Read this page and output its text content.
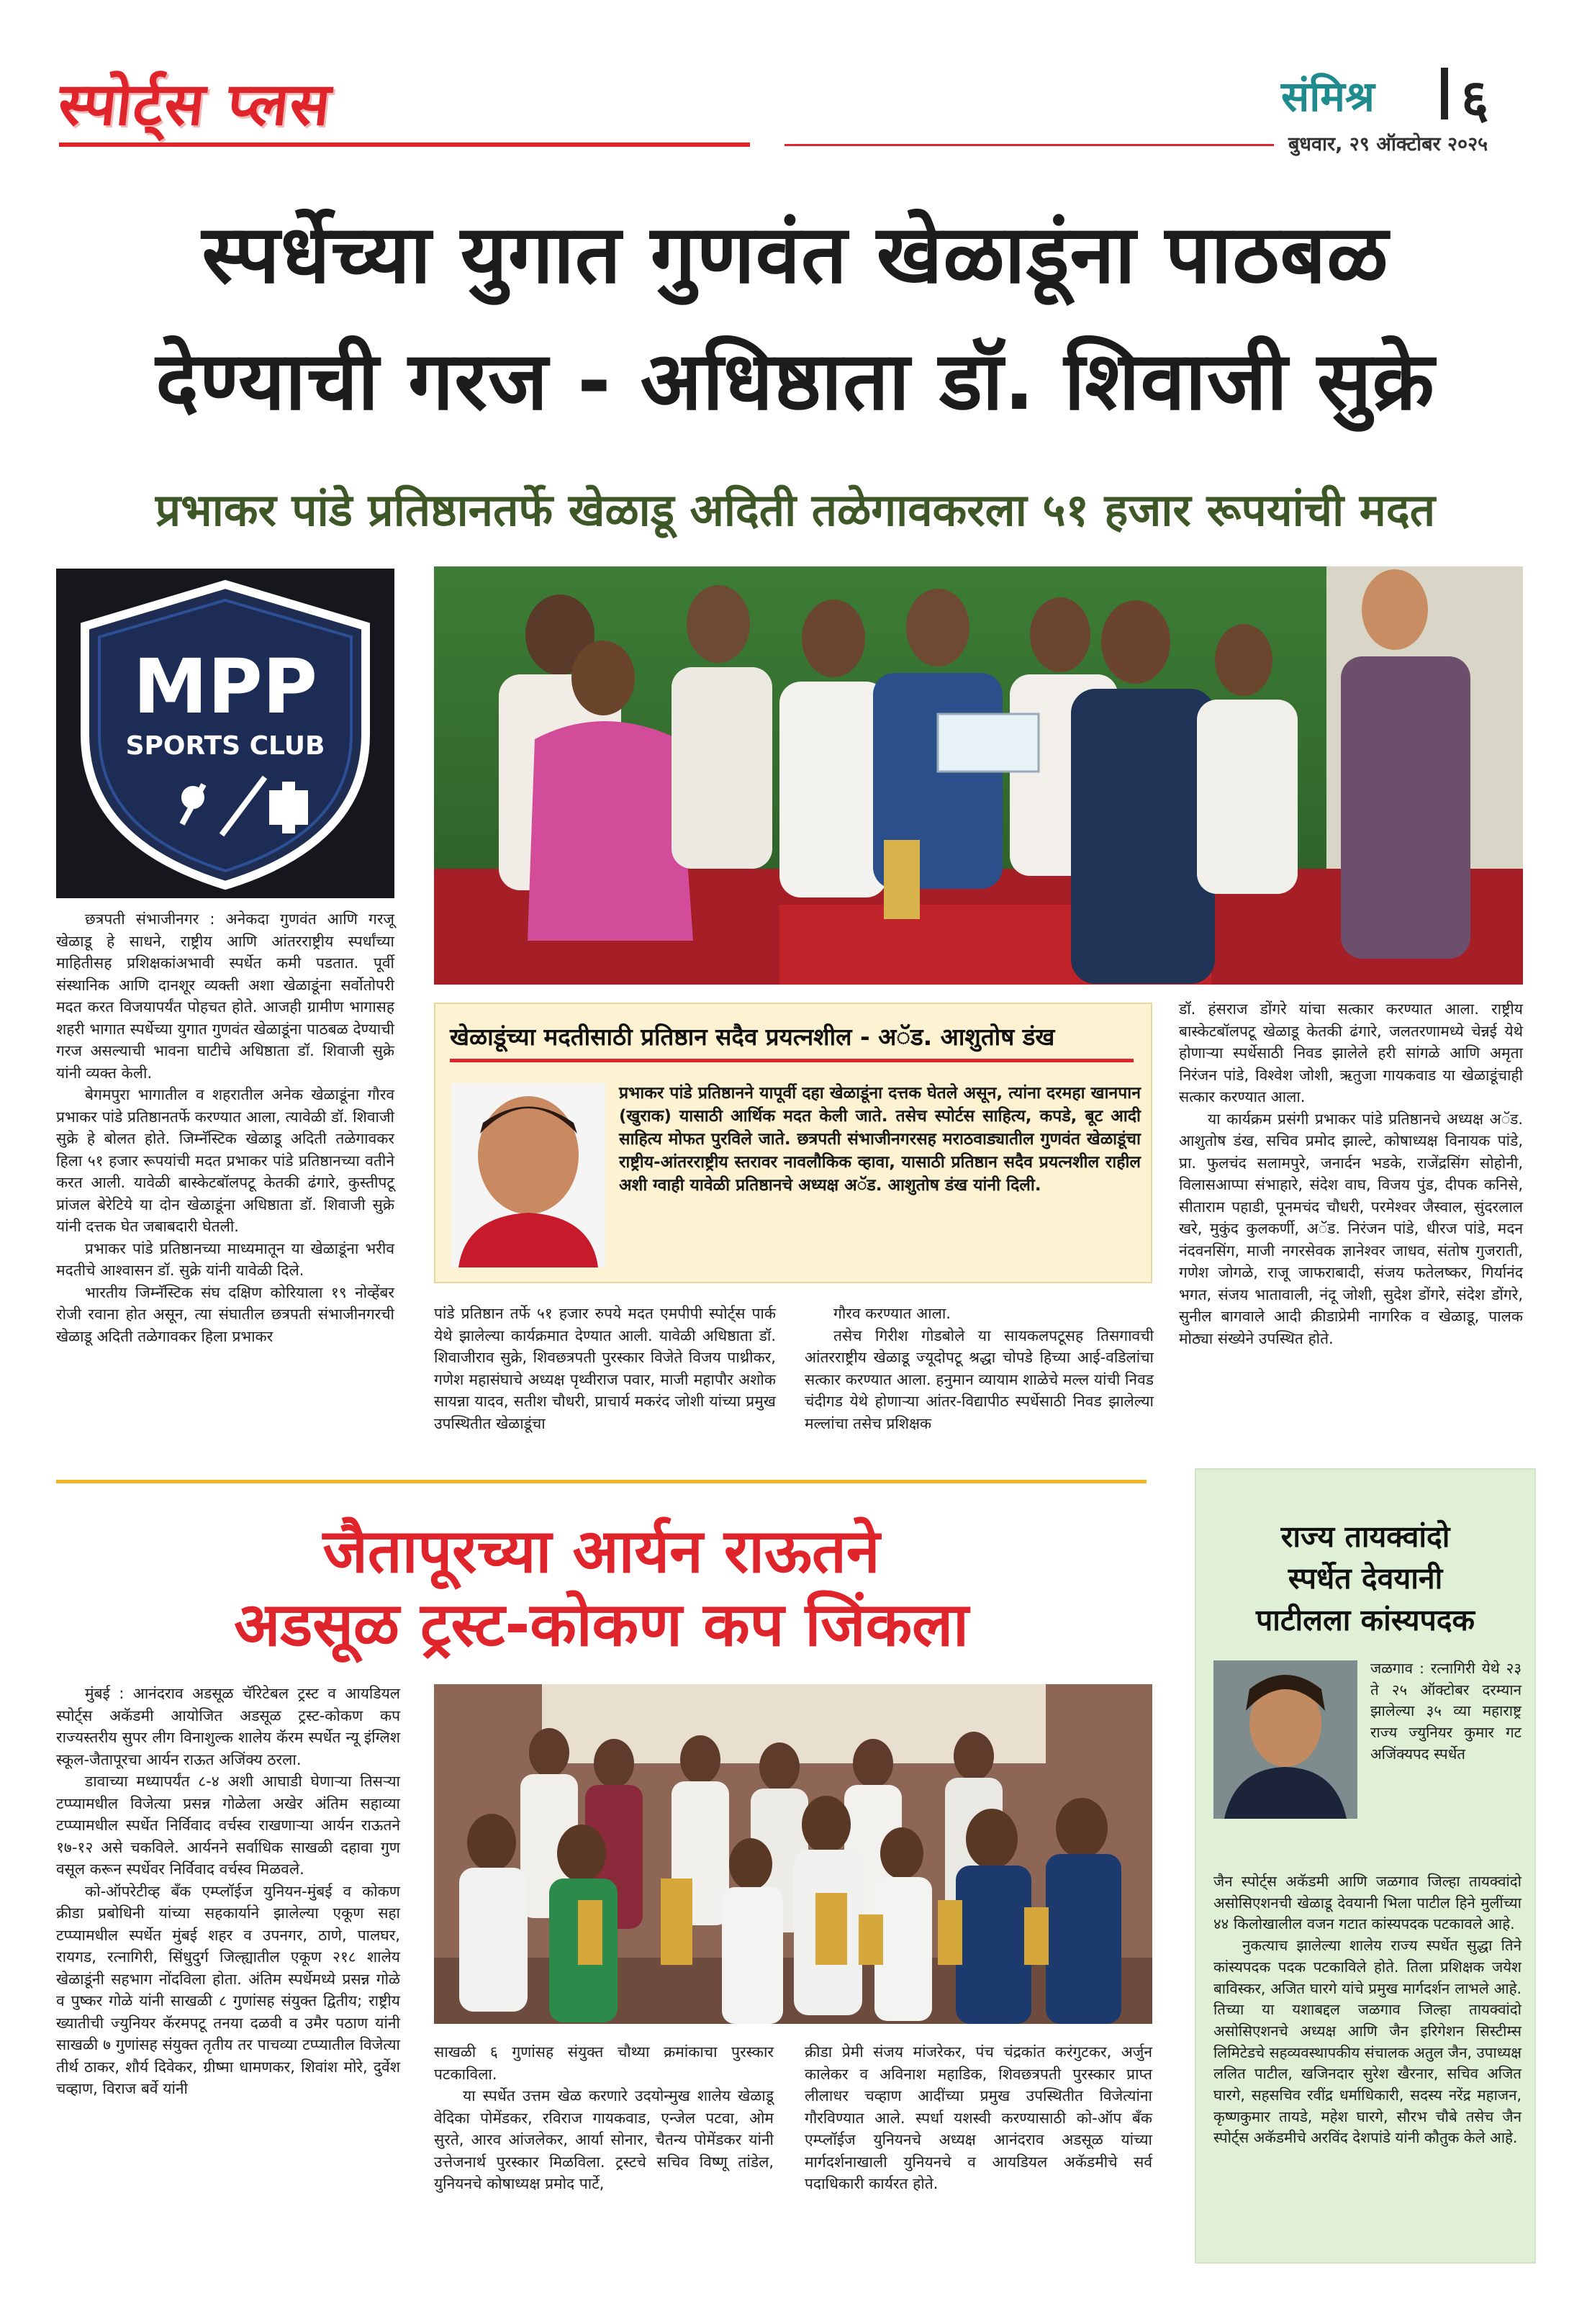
स्पोर्ट्स प्लस	संमिश्र ६
बुधवार, २९ ऑक्टोबर २०२५
स्पर्धेच्या युगात गुणवंत खेळाडूंना पाठबळ
देण्याची गरज - अधिष्ठाता डॉ. शिवाजी सुक्रे
प्रभाकर पांडे प्रतिष्ठानतर्फे खेळाडू अदिती तळेगावकरला ५१ हजार रूपयांची मदत
MPP
SPORTS CLUB
छत्रपती संभाजीनगर : अनेकदा गुणवंत आणि गरजू खेळाडू हे साधने, राष्ट्रीय आणि आंतरराष्ट्रीय स्पर्धांच्या माहितीसह प्रशिक्षकांअभावी स्पर्धेत कमी पडतात. पूर्वी संस्थानिक आणि दानशूर व्यक्ती अशा खेळाडूंना सर्वोतोपरी मदत करत विजयापर्यंत पोहचत होते. आजही ग्रामीण भागासह शहरी भागात स्पर्धेच्या युगात गुणवंत खेळाडूंना पाठबळ देण्याची गरज असल्याची भावना घाटीचे अधिष्ठाता डॉ. शिवाजी सुक्रे यांनी व्यक्त केली.
बेगमपुरा भागातील व शहरातील अनेक खेळाडूंना गौरव प्रभाकर पांडे प्रतिष्ठानतर्फे करण्यात आला, त्यावेळी डॉ. शिवाजी सुक्रे हे बोलत होते. जिम्नॅस्टिक खेळाडू अदिती तळेगावकर हिला ५१ हजार रूपयांची मदत प्रभाकर पांडे प्रतिष्ठानच्या वतीने करत आली. यावेळी बास्केटबॉलपटू केतकी ढंगारे, कुस्तीपटू प्रांजल बेरेटिये या दोन खेळाडूंना अधिष्ठाता डॉ. शिवाजी सुक्रे यांनी दत्तक घेत जबाबदारी घेतली.
प्रभाकर पांडे प्रतिष्ठानच्या माध्यमातून या खेळाडूंना भरीव मदतीचे आश्वासन डॉ. सुक्रे यांनी यावेळी दिले.
भारतीय जिम्नॅस्टिक संघ दक्षिण कोरियाला १९ नोव्हेंबर रोजी रवाना होत असून, त्या संघातील छत्रपती संभाजीनगरची खेळाडू अदिती तळेगावकर हिला प्रभाकर
खेळाडूंच्या मदतीसाठी प्रतिष्ठान सदैव प्रयत्नशील - अॅड. आशुतोष डंख
प्रभाकर पांडे प्रतिष्ठानने यापूर्वी दहा खेळाडूंना दत्तक घेतले असून, त्यांना दरमहा खानपान (खुराक) यासाठी आर्थिक मदत केली जाते. तसेच स्पोर्टस साहित्य, कपडे, बूट आदी साहित्य मोफत पुरविले जाते. छत्रपती संभाजीनगरसह मराठवाड्यातील गुणवंत खेळाडूंचा राष्ट्रीय-आंतरराष्ट्रीय स्तरावर नावलौकिक व्हावा, यासाठी प्रतिष्ठान सदैव प्रयत्नशील राहील अशी ग्वाही यावेळी प्रतिष्ठानचे अध्यक्ष अॅड. आशुतोष डंख यांनी दिली.
पांडे प्रतिष्ठान तर्फे ५१ हजार रुपये मदत एमपीपी स्पोर्ट्स पार्क येथे झालेल्या कार्यक्रमात देण्यात आली. यावेळी अधिष्ठाता डॉ. शिवाजीराव सुक्रे, शिवछत्रपती पुरस्कार विजेते विजय पाथ्रीकर, गणेश महासंघाचे अध्यक्ष पृथ्वीराज पवार, माजी महापौर अशोक सायन्ना यादव, सतीश चौधरी, प्राचार्य मकरंद जोशी यांच्या प्रमुख उपस्थितीत खेळाडूंचा
गौरव करण्यात आला.
तसेच गिरीश गोडबोले या सायकलपटूसह तिसगावची आंतरराष्ट्रीय खेळाडू ज्यूदोपटू श्रद्धा चोपडे हिच्या आई-वडिलांचा सत्कार करण्यात आला. हनुमान व्यायाम शाळेचे मल्ल यांची निवड चंदीगड येथे होणाऱ्या आंतर-विद्यापीठ स्पर्धेसाठी निवड झालेल्या मल्लांचा तसेच प्रशिक्षक
डॉ. हंसराज डोंगरे यांचा सत्कार करण्यात आला. राष्ट्रीय बास्केटबॉलपटू खेळाडू केतकी ढंगारे, जलतरणामध्ये चेन्नई येथे होणाऱ्या स्पर्धेसाठी निवड झालेले हरी सांगळे आणि अमृता निरंजन पांडे, विश्वेश जोशी, ऋतुजा गायकवाड या खेळाडूंचाही सत्कार करण्यात आला.
या कार्यक्रम प्रसंगी प्रभाकर पांडे प्रतिष्ठानचे अध्यक्ष अॅड. आशुतोष डंख, सचिव प्रमोद झाल्टे, कोषाध्यक्ष विनायक पांडे, प्रा. फुलचंद सलामपुरे, जनार्दन भडके, राजेंद्रसिंग सोहोनी, विलासआप्पा संभाहारे, संदेश वाघ, विजय पुंड, दीपक कनिसे, सीताराम पहाडी, पूनमचंद चौधरी, परमेश्वर जैस्वाल, सुंदरलाल खरे, मुकुंद कुलकर्णी, अॅड. निरंजन पांडे, धीरज पांडे, मदन नंदवनसिंग, माजी नगरसेवक ज्ञानेश्वर जाधव, संतोष गुजराती, गणेश जोगळे, राजू जाफराबादी, संजय फतेलष्कर, गिर्यानंद भगत, संजय भातावाली, नंदू जोशी, सुदेश डोंगरे, संदेश डोंगरे, सुनील बागवाले आदी क्रीडाप्रेमी नागरिक व खेळाडू, पालक मोठ्या संख्येने उपस्थित होते.
जैतापूरच्या आर्यन राऊतने
अडसूळ ट्रस्ट-कोकण कप जिंकला
मुंबई : आनंदराव अडसूळ चॅरिटेबल ट्रस्ट व आयडियल स्पोर्ट्स अकॅडमी आयोजित अडसूळ ट्रस्ट-कोकण कप राज्यस्तरीय सुपर लीग विनाशुल्क शालेय कॅरम स्पर्धेत न्यू इंग्लिश स्कूल-जैतापूरचा आर्यन राऊत अजिंक्य ठरला.
डावाच्या मध्यापर्यंत ८-४ अशी आघाडी घेणाऱ्या तिसऱ्या टप्प्यामधील विजेत्या प्रसन्न गोळेला अखेर अंतिम सहाव्या टप्प्यामधील स्पर्धेत निर्विवाद वर्चस्व राखणाऱ्या आर्यन राऊतने १७-१२ असे चकविले. आर्यनने सर्वाधिक साखळी दहावा गुण वसूल करून स्पर्धेवर निर्विवाद वर्चस्व मिळवले.
को-ऑपरेटीव्ह बँक एम्प्लॉईज युनियन-मुंबई व कोकण क्रीडा प्रबोधिनी यांच्या सहकार्याने झालेल्या एकूण सहा टप्प्यामधील स्पर्धेत मुंबई शहर व उपनगर, ठाणे, पालघर, रायगड, रत्नागिरी, सिंधुदुर्ग जिल्ह्यातील एकूण २१८ शालेय खेळाडूंनी सहभाग नोंदविला होता. अंतिम स्पर्धेमध्ये प्रसन्न गोळे व पुष्कर गोळे यांनी साखळी ८ गुणांसह संयुक्त द्वितीय; राष्ट्रीय ख्यातीची ज्युनियर कॅरमपटू तनया दळवी व उमैर पठाण यांनी साखळी ७ गुणांसह संयुक्त तृतीय तर पाचव्या टप्प्यातील विजेत्या तीर्थ ठाकर, शौर्य दिवेकर, ग्रीष्मा धामणकर, शिवांश मोरे, दुर्वेश चव्हाण, विराज बर्वे यांनी
साखळी ६ गुणांसह संयुक्त चौथ्या क्रमांकाचा पुरस्कार पटकाविला.
या स्पर्धेत उत्तम खेळ करणारे उदयोन्मुख शालेय खेळाडू वेदिका पोमेंडकर, रविराज गायकवाड, एन्जेल पटवा, ओम सुरते, आरव आंजलेकर, आर्या सोनार, चैतन्य पोमेंडकर यांनी उत्तेजनार्थ पुरस्कार मिळविला. ट्रस्टचे सचिव विष्णू तांडेल, युनियनचे कोषाध्यक्ष प्रमोद पार्टे,
क्रीडा प्रेमी संजय मांजरेकर, पंच चंद्रकांत करंगुटकर, अर्जुन कालेकर व अविनाश महाडिक, शिवछत्रपती पुरस्कार प्राप्त लीलाधर चव्हाण आदींच्या प्रमुख उपस्थितीत विजेत्यांना गौरविण्यात आले. स्पर्धा यशस्वी करण्यासाठी को-ऑप बँक एम्प्लॉईज युनियनचे अध्यक्ष आनंदराव अडसूळ यांच्या मार्गदर्शनाखाली युनियनचे व आयडियल अकॅडमीचे सर्व पदाधिकारी कार्यरत होते.
राज्य तायक्वांदो
स्पर्धेत देवयानी
पाटीलला कांस्यपदक
जळगाव : रत्नागिरी येथे २३ ते २५ ऑक्टोबर दरम्यान झालेल्या ३५ व्या महाराष्ट्र राज्य ज्युनियर कुमार गट अजिंक्यपद स्पर्धेत
जैन स्पोर्ट्स अकॅडमी आणि जळगाव जिल्हा तायक्वांदो असोसिएशनची खेळाडू देवयानी भिला पाटील हिने मुलींच्या ४४ किलोखालील वजन गटात कांस्यपदक पटकावले आहे.
नुकत्याच झालेल्या शालेय राज्य स्पर्धेत सुद्धा तिने कांस्यपदक पदक पटकाविले होते. तिला प्रशिक्षक जयेश बाविस्कर, अजित घारगे यांचे प्रमुख मार्गदर्शन लाभले आहे. तिच्या या यशाबद्दल जळगाव जिल्हा तायक्वांदो असोसिएशनचे अध्यक्ष आणि जैन इरिगेशन सिस्टीम्स लिमिटेडचे सहव्यवस्थापकीय संचालक अतुल जैन, उपाध्यक्ष ललित पाटील, खजिनदार सुरेश खैरनार, सचिव अजित घारगे, सहसचिव रवींद्र धर्माधिकारी, सदस्य नरेंद्र महाजन, कृष्णकुमार तायडे, महेश घारगे, सौरभ चौबे तसेच जैन स्पोर्ट्स अकॅडमीचे अरविंद देशपांडे यांनी कौतुक केले आहे.
